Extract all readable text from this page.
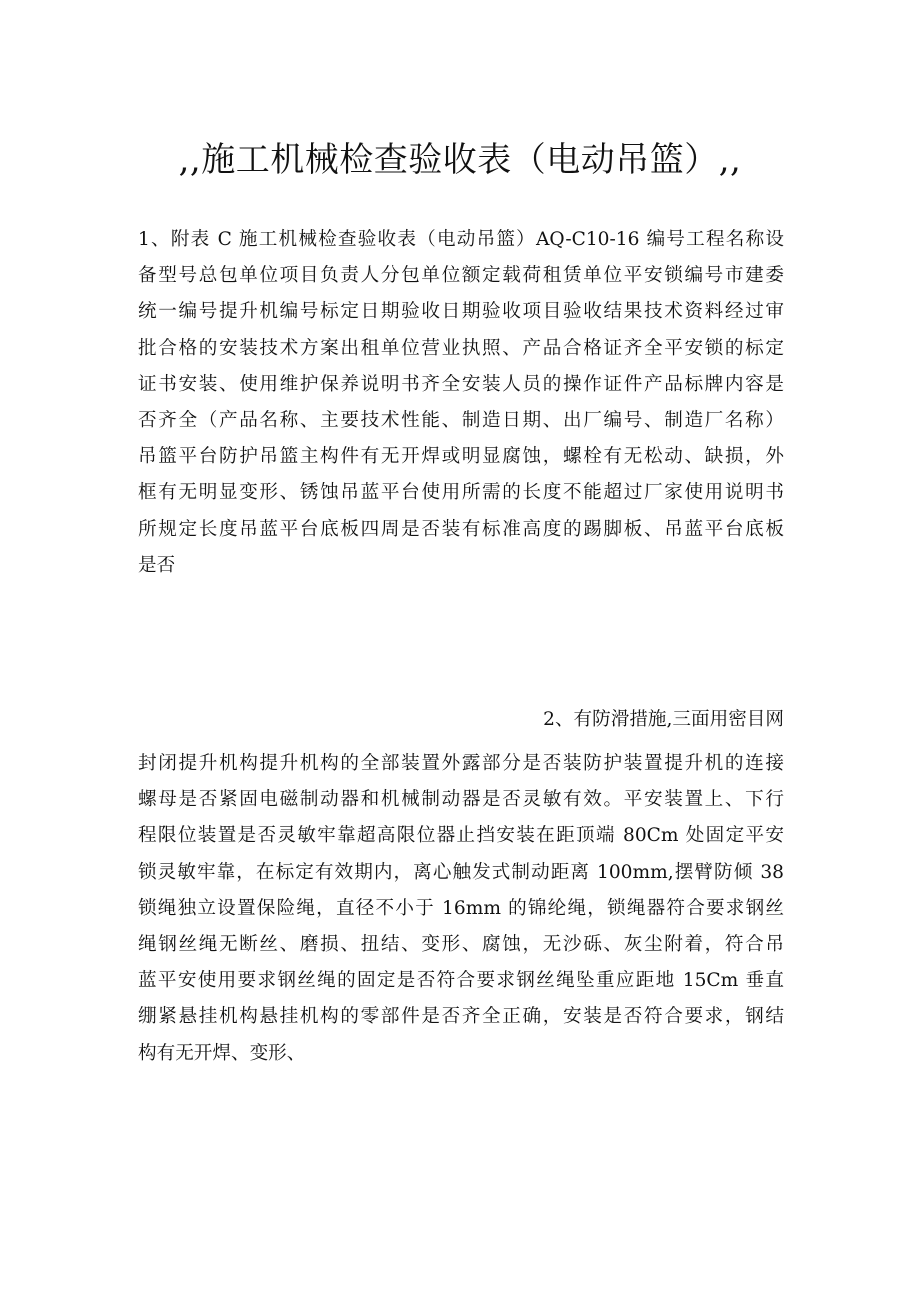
,,施工机械检查验收表（电动吊篮）,,
1、附表 C 施工机械检查验收表（电动吊篮）AQ-C10-16 编号工程名称设
备型号总包单位项目负责人分包单位额定载荷租赁单位平安锁编号市建委
统一编号提升机编号标定日期验收日期验收项目验收结果技术资料经过审
批合格的安装技术方案出租单位营业执照、产品合格证齐全平安锁的标定
证书安装、使用维护保养说明书齐全安装人员的操作证件产品标牌内容是
否齐全（产品名称、主要技术性能、制造日期、出厂编号、制造厂名称）
吊篮平台防护吊篮主构件有无开焊或明显腐蚀，螺栓有无松动、缺损，外
框有无明显变形、锈蚀吊蓝平台使用所需的长度不能超过厂家使用说明书
所规定长度吊蓝平台底板四周是否装有标准高度的踢脚板、吊蓝平台底板
是否
2、有防滑措施,三面用密目网
封闭提升机构提升机构的全部装置外露部分是否装防护装置提升机的连接
螺母是否紧固电磁制动器和机械制动器是否灵敏有效。平安装置上、下行
程限位装置是否灵敏牢靠超高限位器止挡安装在距顶端 80Cm 处固定平安
锁灵敏牢靠，在标定有效期内，离心触发式制动距离 100mm,摆臂防倾 38
锁绳独立设置保险绳，直径不小于 16mm 的锦纶绳，锁绳器符合要求钢丝
绳钢丝绳无断丝、磨损、扭结、变形、腐蚀，无沙砾、灰尘附着，符合吊
蓝平安使用要求钢丝绳的固定是否符合要求钢丝绳坠重应距地 15Cm 垂直
绷紧悬挂机构悬挂机构的零部件是否齐全正确，安装是否符合要求，钢结
构有无开焊、变形、
